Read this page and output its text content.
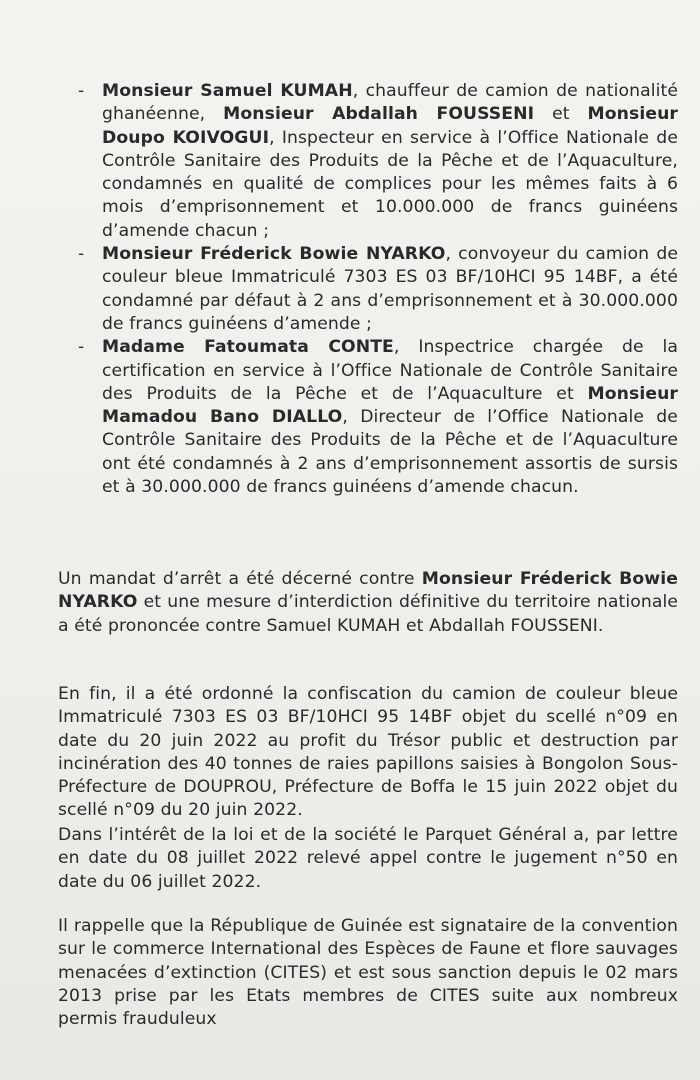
- Monsieur Samuel KUMAH, chauffeur de camion de nationalité ghanéenne, Monsieur Abdallah FOUSSENI et Monsieur Doupo KOIVOGUI, Inspecteur en service à l’Office Nationale de Contrôle Sanitaire des Produits de la Pêche et de l’Aquaculture, condamnés en qualité de complices pour les mêmes faits à 6 mois d’emprisonnement et 10.000.000 de francs guinéens d’amende chacun ;
- Monsieur Fréderick Bowie NYARKO, convoyeur du camion de couleur bleue Immatriculé 7303 ES 03 BF/10HCI 95 14BF, a été condamné par défaut à 2 ans d’emprisonnement et à 30.000.000 de francs guinéens d’amende ;
- Madame Fatoumata CONTE, Inspectrice chargée de la certification en service à l’Office Nationale de Contrôle Sanitaire des Produits de la Pêche et de l’Aquaculture et Monsieur Mamadou Bano DIALLO, Directeur de l’Office Nationale de Contrôle Sanitaire des Produits de la Pêche et de l’Aquaculture ont été condamnés à 2 ans d’emprisonnement assortis de sursis et à 30.000.000 de francs guinéens d’amende chacun.

Un mandat d’arrêt a été décerné contre Monsieur Fréderick Bowie NYARKO et une mesure d’interdiction définitive du territoire nationale a été prononcée contre Samuel KUMAH et Abdallah FOUSSENI.

En fin, il a été ordonné la confiscation du camion de couleur bleue Immatriculé 7303 ES 03 BF/10HCI 95 14BF objet du scellé n°09 en date du 20 juin 2022 au profit du Trésor public et destruction par incinération des 40 tonnes de raies papillons saisies à Bongolon Sous-Préfecture de DOUPROU, Préfecture de Boffa le 15 juin 2022 objet du scellé n°09 du 20 juin 2022.

Dans l’intérêt de la loi et de la société le Parquet Général a, par lettre en date du 08 juillet 2022 relevé appel contre le jugement n°50 en date du 06 juillet 2022.

Il rappelle que la République de Guinée est signataire de la convention sur le commerce International des Espèces de Faune et flore sauvages menacées d’extinction (CITES) et est sous sanction depuis le 02 mars 2013 prise par les Etats membres de CITES suite aux nombreux permis frauduleux
